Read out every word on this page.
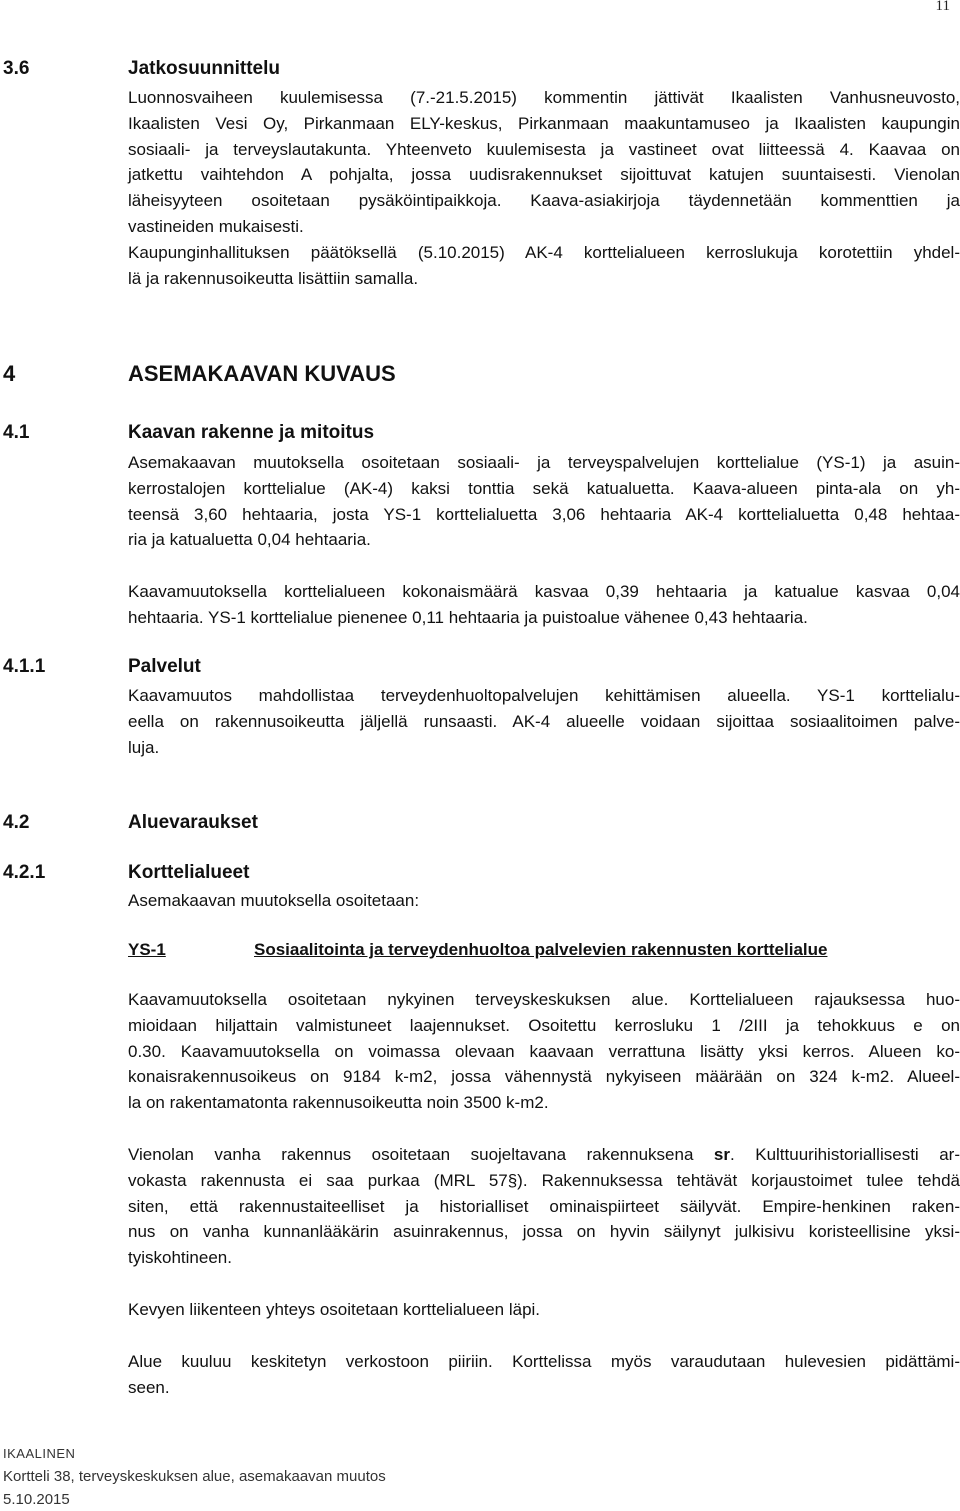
11
3.6	Jatkosuunnittelu
Luonnosvaiheen kuulemisessa (7.-21.5.2015) kommentin jättivät Ikaalisten Vanhusneuvosto,
Ikaalisten Vesi Oy, Pirkanmaan ELY-keskus, Pirkanmaan maakuntamuseo ja Ikaalisten kaupungin
sosiaali- ja terveyslautakunta. Yhteenveto kuulemisesta ja vastineet ovat liitteessä 4. Kaavaa on
jatkettu vaihtehdon A pohjalta, jossa uudisrakennukset sijoittuvat katujen suuntaisesti. Vienolan
läheisyyteen osoitetaan pysäköintipaikkoja. Kaava-asiakirjoja täydennetään kommenttien ja
vastineiden mukaisesti.
Kaupunginhallituksen päätöksellä (5.10.2015) AK-4 korttelialueen kerroslukuja korotettiin yhdel-
lä ja rakennusoikeutta lisättiin samalla.
4	ASEMAKAAVAN KUVAUS
4.1	Kaavan rakenne ja mitoitus
Asemakaavan muutoksella osoitetaan sosiaali- ja terveyspalvelujen korttelialue (YS-1) ja asuin-
kerrostalojen korttelialue (AK-4) kaksi tonttia sekä katualuetta. Kaava-alueen pinta-ala on yh-
teensä 3,60 hehtaaria, josta YS-1 korttelialuetta 3,06 hehtaaria AK-4 korttelialuetta 0,48 hehtaa-
ria ja katualuetta 0,04 hehtaaria.
Kaavamuutoksella korttelialueen kokonaismäärä kasvaa 0,39 hehtaaria ja katualue kasvaa 0,04
hehtaaria. YS-1 korttelialue pienenee 0,11 hehtaaria ja puistoalue vähenee 0,43 hehtaaria.
4.1.1	Palvelut
Kaavamuutos mahdollistaa terveydenhuoltopalvelujen kehittämisen alueella. YS-1 korttelialu-
eella on rakennusoikeutta jäljellä runsaasti. AK-4 alueelle voidaan sijoittaa sosiaalitoimen palve-
luja.
4.2	Aluevaraukset
4.2.1	Korttelialueet
Asemakaavan muutoksella osoitetaan:
YS-1	Sosiaalitointa ja terveydenhuoltoa palvelevien rakennusten korttelialue
Kaavamuutoksella osoitetaan nykyinen terveyskeskuksen alue. Korttelialueen rajauksessa huo-
mioidaan hiljattain valmistuneet laajennukset. Osoitettu kerrosluku 1 /2III ja tehokkuus e on
0.30. Kaavamuutoksella on voimassa olevaan kaavaan verrattuna lisätty yksi kerros. Alueen ko-
konaisrakennusoikeus on 9184 k-m2, jossa vähennystä nykyiseen määrään on 324 k-m2. Alueel-
la on rakentamatonta rakennusoikeutta noin 3500 k-m2.
Vienolan vanha rakennus osoitetaan suojeltavana rakennuksena sr. Kulttuurihistoriallisesti ar-
vokasta rakennusta ei saa purkaa (MRL 57§). Rakennuksessa tehtävät korjaustoimet tulee tehdä
siten, että rakennustaiteelliset ja historialliset ominaispiirteet säilyvät. Empire-henkinen raken-
nus on vanha kunnanlääkärin asuinrakennus, jossa on hyvin säilynyt julkisivu koristeellisine yksi-
tyiskohtineen.
Kevyen liikenteen yhteys osoitetaan korttelialueen läpi.
Alue kuuluu keskitetyn verkostoon piiriin. Korttelissa myös varaudutaan hulevesien pidättämi-
seen.
IKAALINEN
Kortteli 38, terveyskeskuksen alue, asemakaavan muutos
5.10.2015
